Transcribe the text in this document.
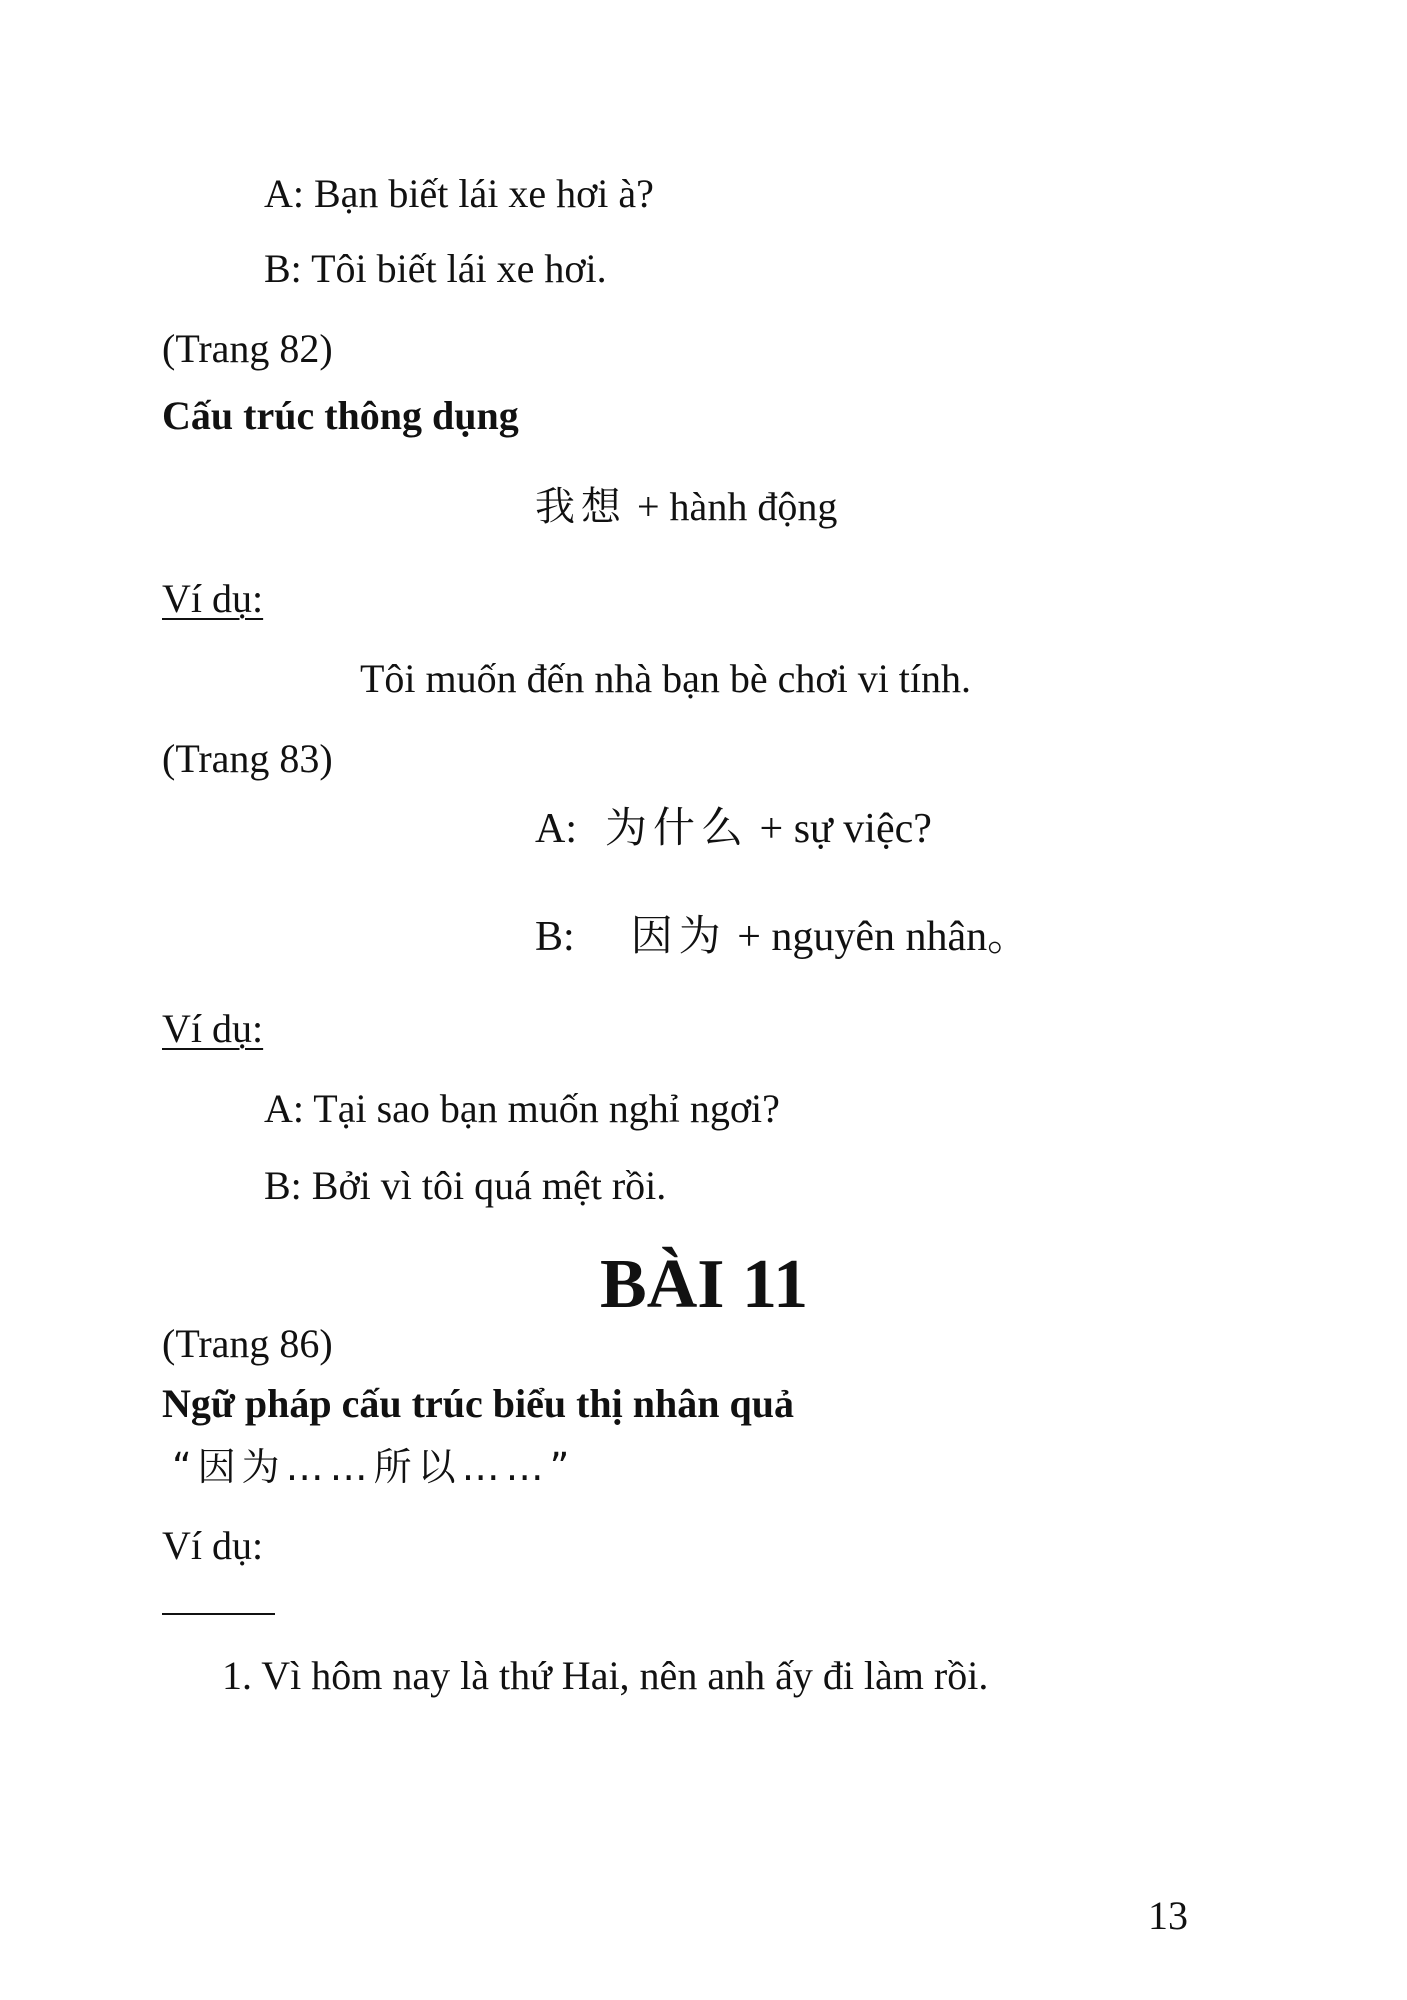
A: Bạn biết lái xe hơi à?
B: Tôi biết lái xe hơi.
(Trang 82)
Cấu trúc thông dụng
我想 + hành động
Ví dụ:
Tôi muốn đến nhà bạn bè chơi vi tính.
(Trang 83)
A: 为什么 + sự việc?
B: 因为 + nguyên nhân。
Ví dụ:
A: Tại sao bạn muốn nghỉ ngơi?
B: Bởi vì tôi quá mệt rồi.
BÀI 11
(Trang 86)
Ngữ pháp cấu trúc biểu thị nhân quả
“因为……所以……”
Ví dụ:
1. Vì hôm nay là thứ Hai, nên anh ấy đi làm rồi.
13
